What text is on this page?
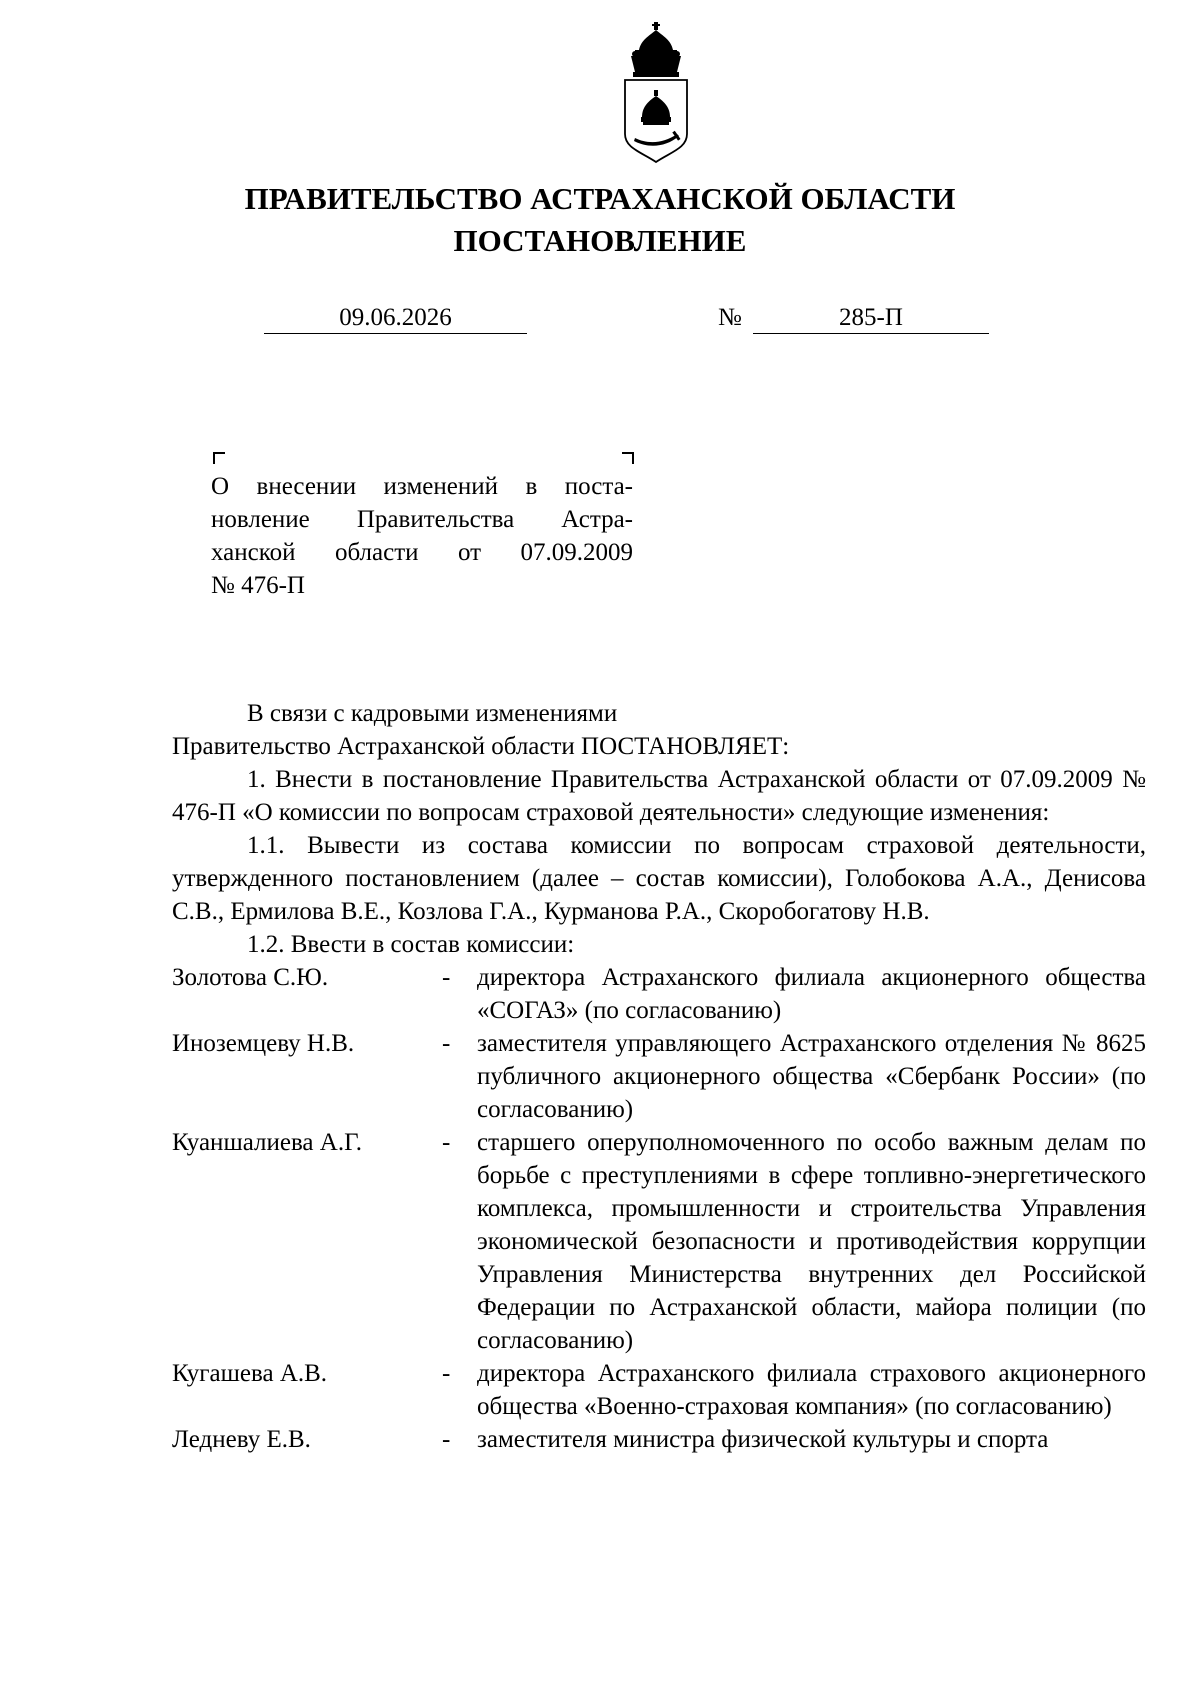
ПРАВИТЕЛЬСТВО АСТРАХАНСКОЙ ОБЛАСТИ
ПОСТАНОВЛЕНИЕ
09.06.2026	№	285-П

О внесении изменений в поста-

новление Правительства Астра-

ханской области от 07.09.2009

№ 476-П

В связи с кадровыми изменениями

Правительство Астраханской области ПОСТАНОВЛЯЕТ:

1. Внести в постановление Правительства Астраханской области от 07.09.2009 № 476-П «О комиссии по вопросам страховой деятельности» следующие изменения:

1.1. Вывести из состава комиссии по вопросам страховой деятельности, утвержденного постановлением (далее – состав комиссии), Голобокова А.А., Денисова С.В., Ермилова В.Е., Козлова Г.А., Курманова Р.А., Скоробогатову Н.В.

1.2. Ввести в состав комиссии:

Золотова С.Ю.	-	директора Астраханского филиала акционерного общества «СОГАЗ» (по согласованию)
Иноземцеву Н.В.	-	заместителя управляющего Астраханского отделения № 8625 публичного акционерного общества «Сбербанк России» (по согласованию)
Куаншалиева А.Г.	-	старшего оперуполномоченного по особо важным делам по борьбе с преступлениями в сфере топливно-энергетического комплекса, промышленности и строительства Управления экономической безопасности и противодействия коррупции Управления Министерства внутренних дел Российской Федерации по Астраханской области, майора полиции (по согласованию)
Кугашева А.В.	-	директора Астраханского филиала страхового акционерного общества «Военно-страховая компания» (по согласованию)
Ледневу Е.В.	-	заместителя министра физической культуры и спорта
